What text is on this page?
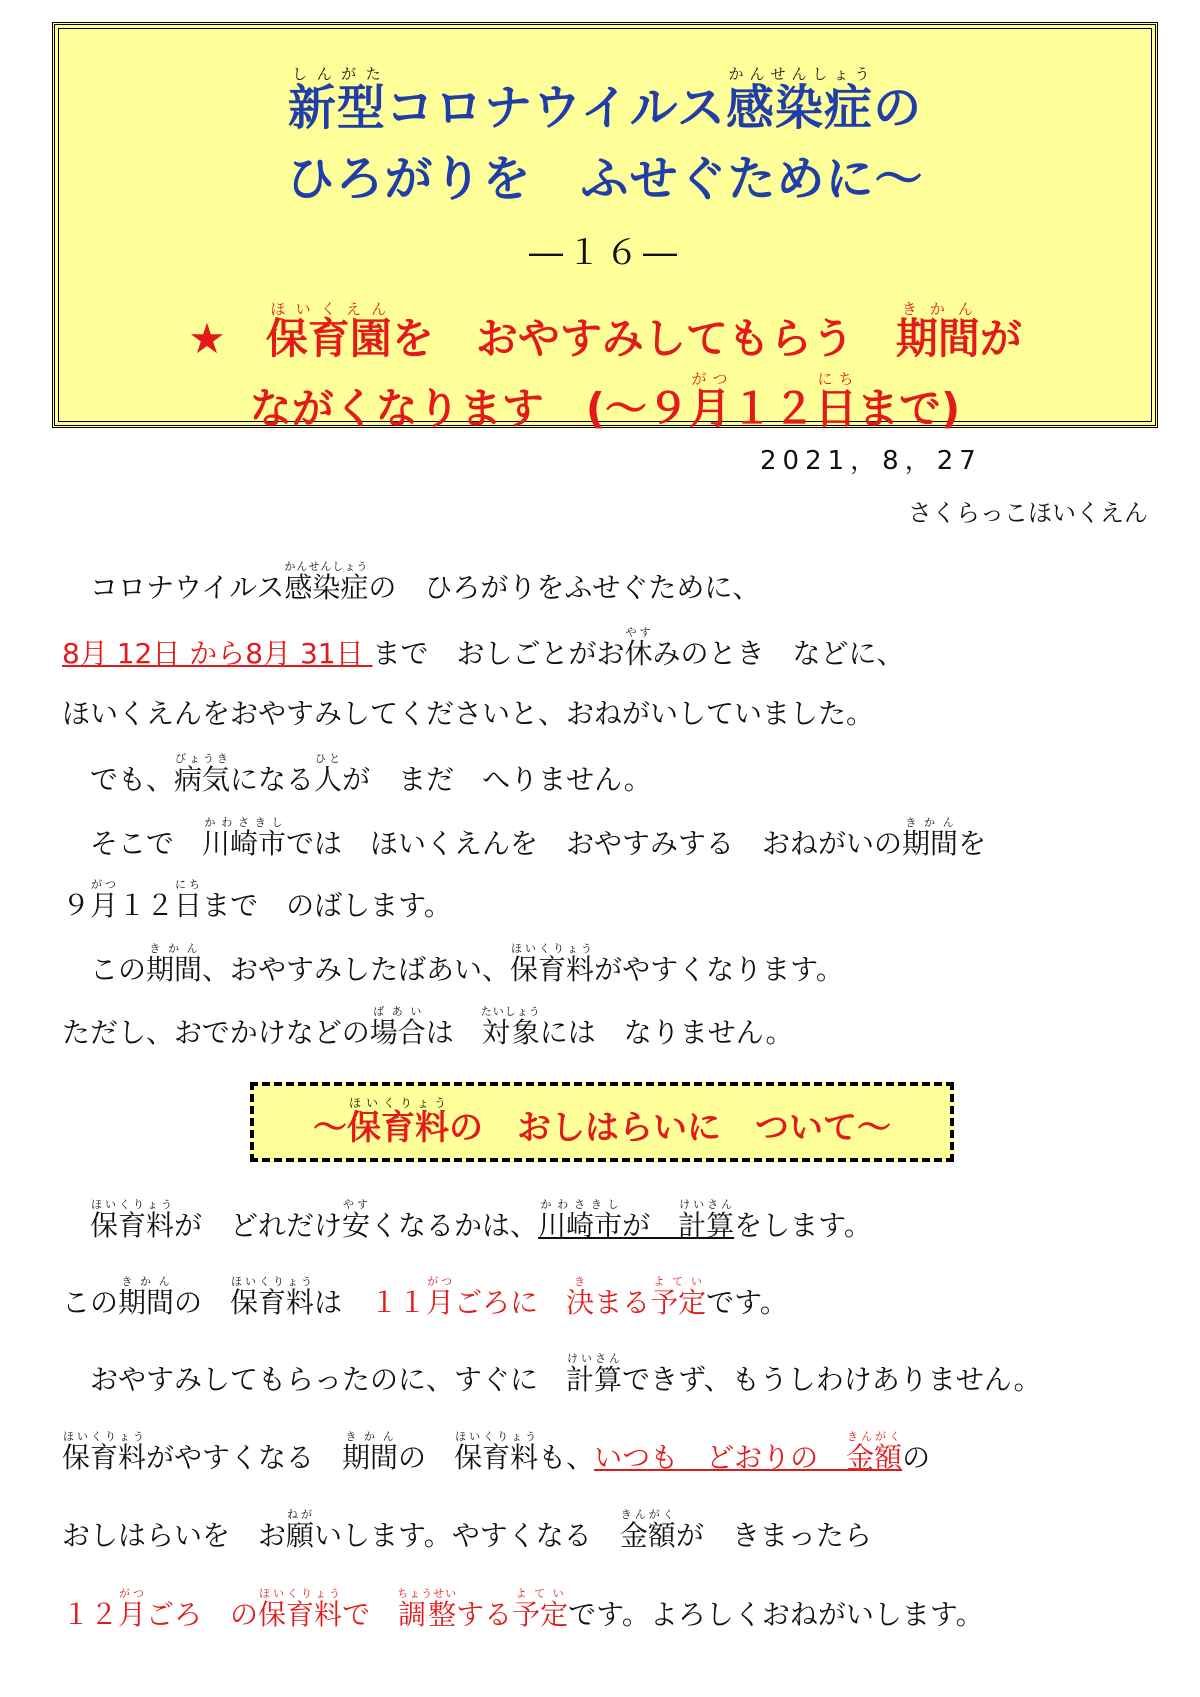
新型しんがたコロナウイルス感染症かんせんしょうの
ひろがりを　ふせぐために～
―１６―
★ 保育園ほいくえんを　おやすみしてもらう　期間きかんが
ながくなります　(～９月がつ１２日にちまで)
2021，8，27
さくらっこほいくえん
コロナウイルス感染症かんせんしょうの　ひろがりをふせぐために、
8月 12日 から8月 31日 まで　おしごとがお休やすみのとき　などに、
ほいくえんをおやすみしてくださいと、おねがいしていました。
でも、病気びょうきになる人ひとが　まだ　へりません。
そこで　川崎市かわさきしでは　ほいくえんを　おやすみする　おねがいの期間きかんを
９月がつ１２日にちまで　のばします。
この期間きかん、おやすみしたばあい、保育料ほいくりょうがやすくなります。
ただし、おでかけなどの場合ばあいは　対象たいしょうには　なりません。
～保育料ほいくりょうの　おしはらいに　ついて～
保育料ほいくりょうが　どれだけ安やすくなるかは、川崎市かわさきしが　計算けいさんをします。
この期間きかんの　保育料ほいくりょうは　１１月がつごろに　決きまる予定よていです。
おやすみしてもらったのに、すぐに　計算けいさんできず、もうしわけありません。
保育料ほいくりょうがやすくなる　期間きかんの　保育料ほいくりょうも、いつも　どおりの　金額きんがくの
おしはらいを　お願ねがいします。やすくなる　金額きんがくが　きまったら
１２月がつごろ　の保育料ほいくりょうで　調整ちょうせいする予定よていです。よろしくおねがいします。
